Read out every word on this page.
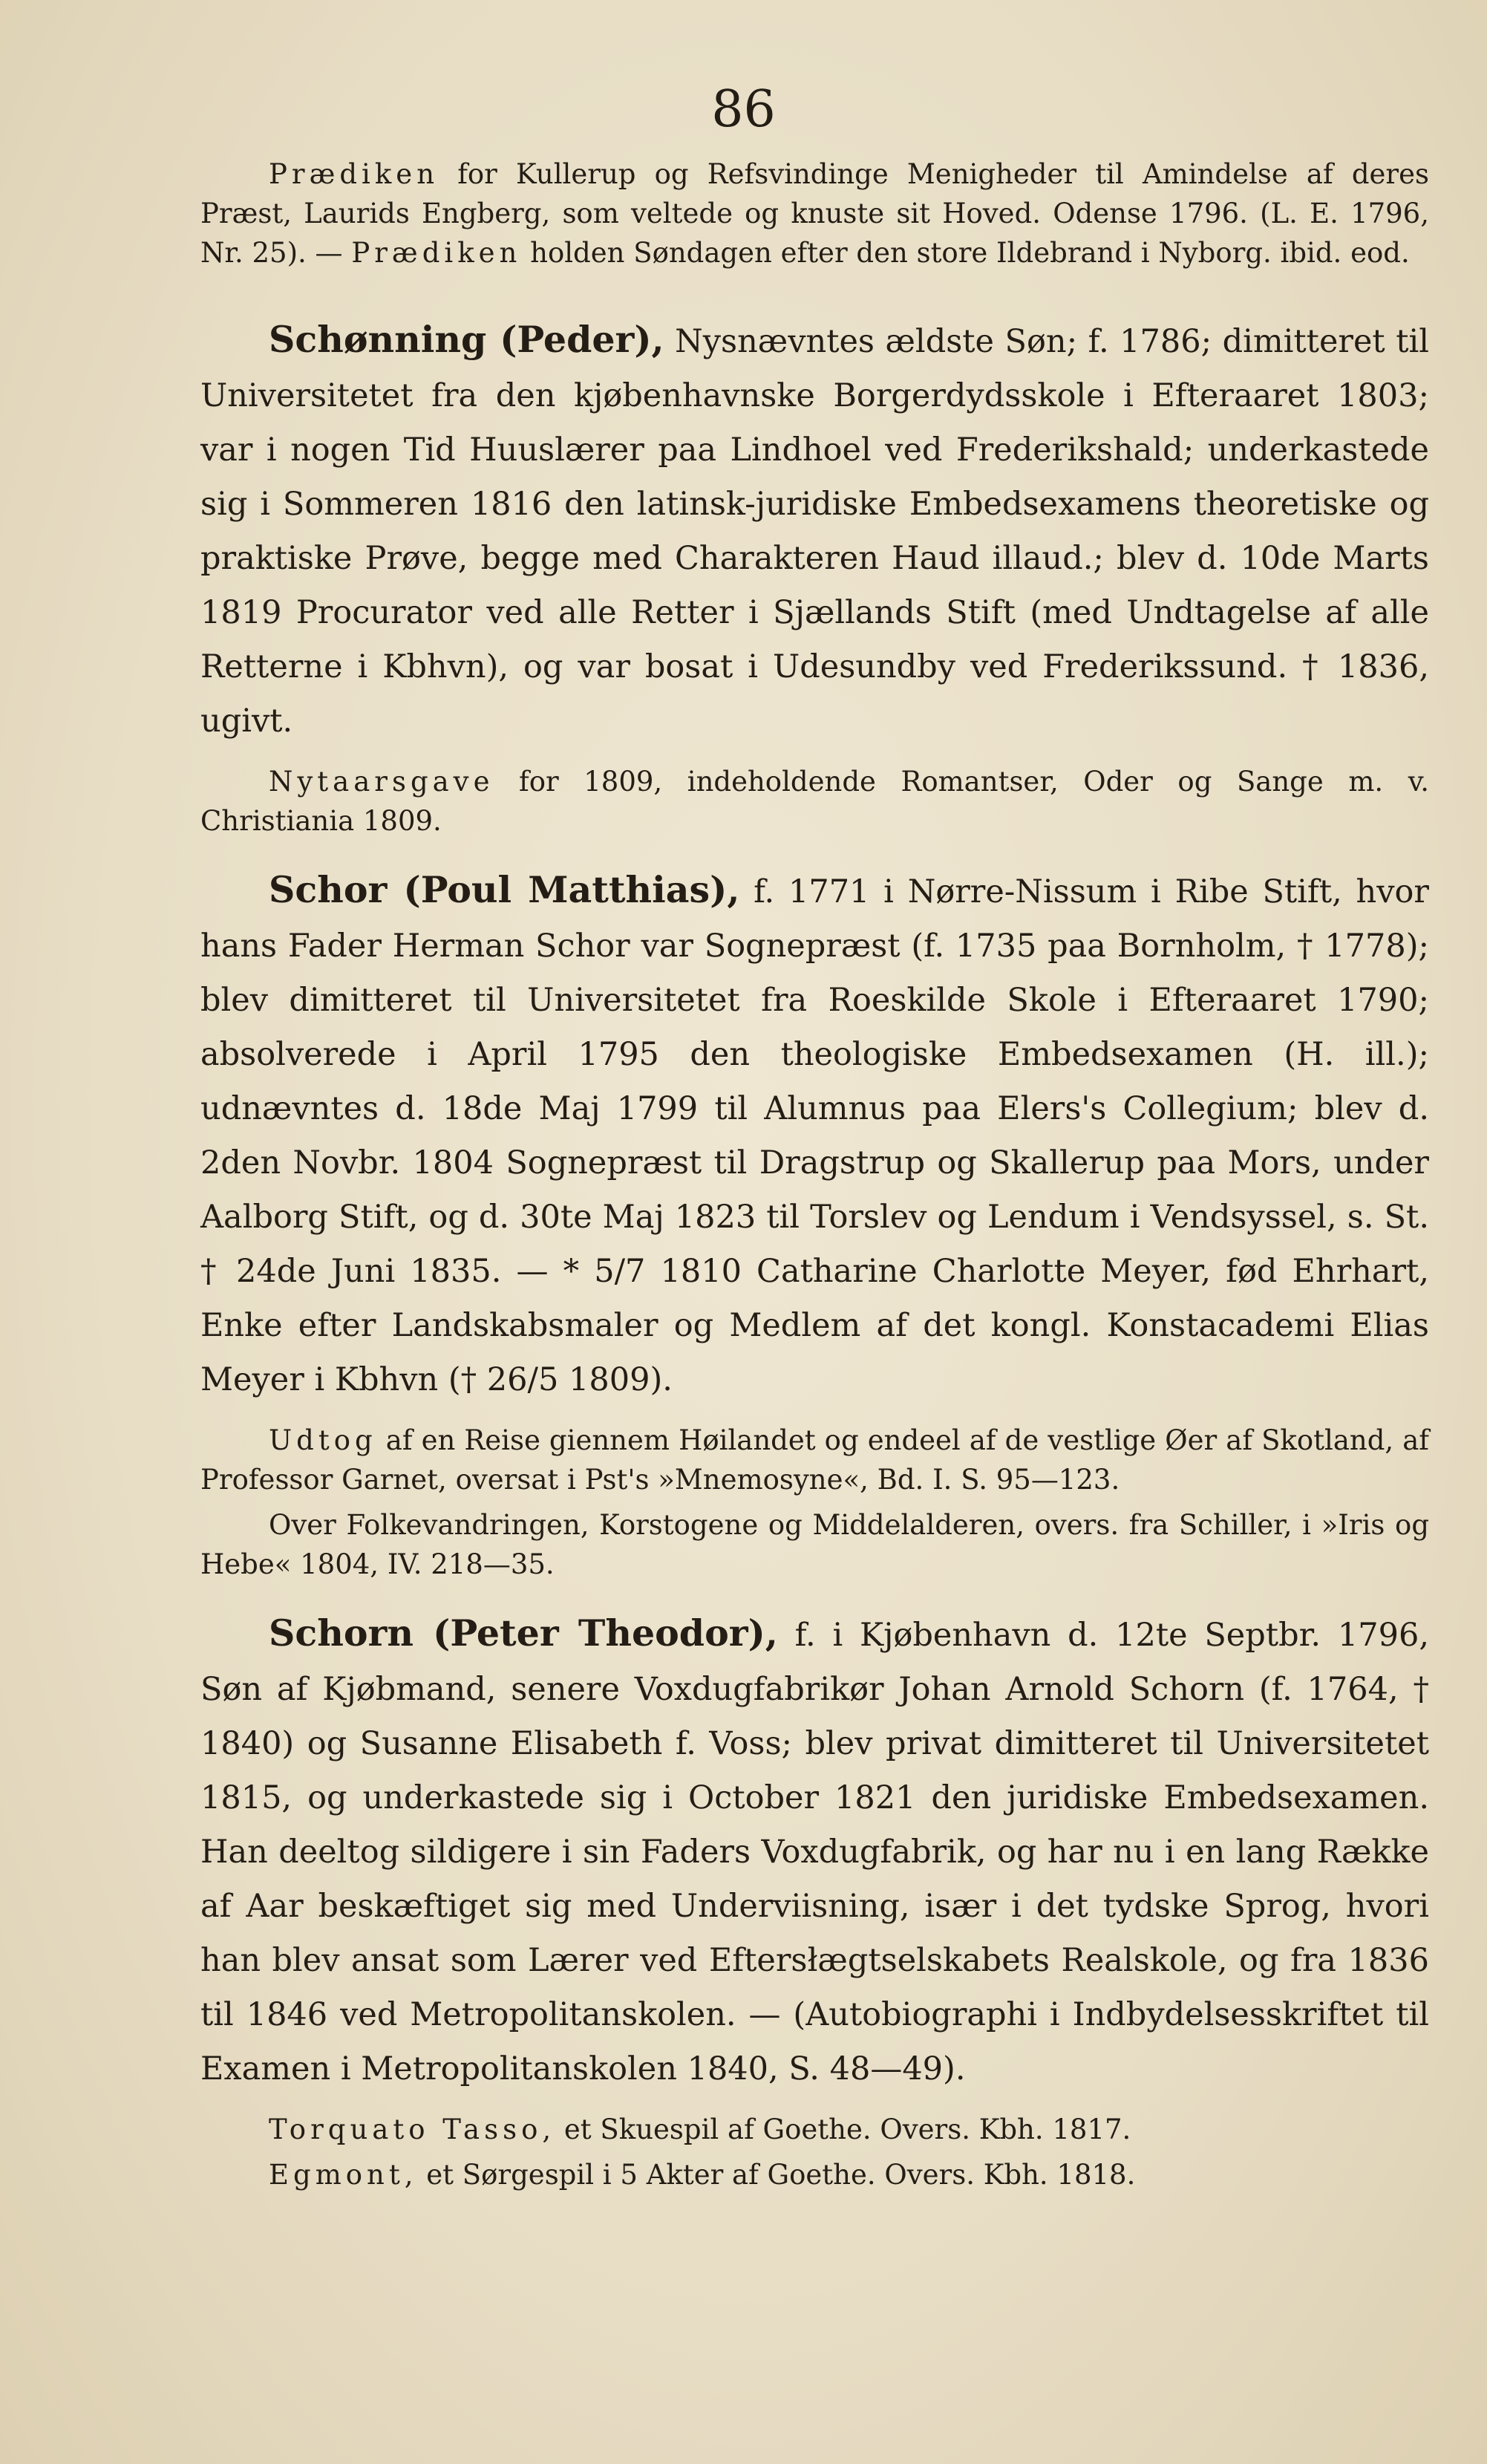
86

Prædiken for Kullerup og Refsvindinge Menigheder til Amindelse af deres Præst, Laurids Engberg, som veltede og knuste sit Hoved. Odense 1796. (L. E. 1796, Nr. 25). — Prædiken holden Søndagen efter den store Ildebrand i Nyborg. ibid. eod.

Schønning (Peder), Nysnævntes ældste Søn; f. 1786; dimitteret til Universitetet fra den kjøbenhavnske Borgerdydsskole i Efteraaret 1803; var i nogen Tid Huuslærer paa Lindhoel ved Frederikshald; underkastede sig i Sommeren 1816 den latinsk-juridiske Embedsexamens theoretiske og praktiske Prøve, begge med Charakteren Haud illaud.; blev d. 10de Marts 1819 Procurator ved alle Retter i Sjællands Stift (med Undtagelse af alle Retterne i Kbhvn), og var bosat i Udesundby ved Frederikssund. † 1836, ugivt.

Nytaarsgave for 1809, indeholdende Romantser, Oder og Sange m. v. Christiania 1809.

Schor (Poul Matthias), f. 1771 i Nørre-Nissum i Ribe Stift, hvor hans Fader Herman Schor var Sognepræst (f. 1735 paa Bornholm, † 1778); blev dimitteret til Universitetet fra Roeskilde Skole i Efteraaret 1790; absolverede i April 1795 den theologiske Embedsexamen (H. ill.); udnævntes d. 18de Maj 1799 til Alumnus paa Elers's Collegium; blev d. 2den Novbr. 1804 Sognepræst til Dragstrup og Skallerup paa Mors, under Aalborg Stift, og d. 30te Maj 1823 til Torslev og Lendum i Vendsyssel, s. St. † 24de Juni 1835. — * 5/7 1810 Catharine Charlotte Meyer, fød Ehrhart, Enke efter Landskabsmaler og Medlem af det kongl. Konstacademi Elias Meyer i Kbhvn († 26/5 1809).

Udtog af en Reise giennem Høilandet og endeel af de vestlige Øer af Skotland, af Professor Garnet, oversat i Pst's »Mnemosyne«, Bd. I. S. 95—123.

Over Folkevandringen, Korstogene og Middelalderen, overs. fra Schiller, i »Iris og Hebe« 1804, IV. 218—35.

Schorn (Peter Theodor), f. i Kjøbenhavn d. 12te Septbr. 1796, Søn af Kjøbmand, senere Voxdugfabrikør Johan Arnold Schorn (f. 1764, † 1840) og Susanne Elisabeth f. Voss; blev privat dimitteret til Universitetet 1815, og underkastede sig i October 1821 den juridiske Embedsexamen. Han deeltog sildigere i sin Faders Voxdugfabrik, og har nu i en lang Række af Aar beskæftiget sig med Underviisning, især i det tydske Sprog, hvori han blev ansat som Lærer ved Eftersłægtselskabets Realskole, og fra 1836 til 1846 ved Metropolitanskolen. — (Autobiographi i Indbydelsesskriftet til Examen i Metropolitanskolen 1840, S. 48—49).

Torquato Tasso, et Skuespil af Goethe. Overs. Kbh. 1817.

Egmont, et Sørgespil i 5 Akter af Goethe. Overs. Kbh. 1818.
